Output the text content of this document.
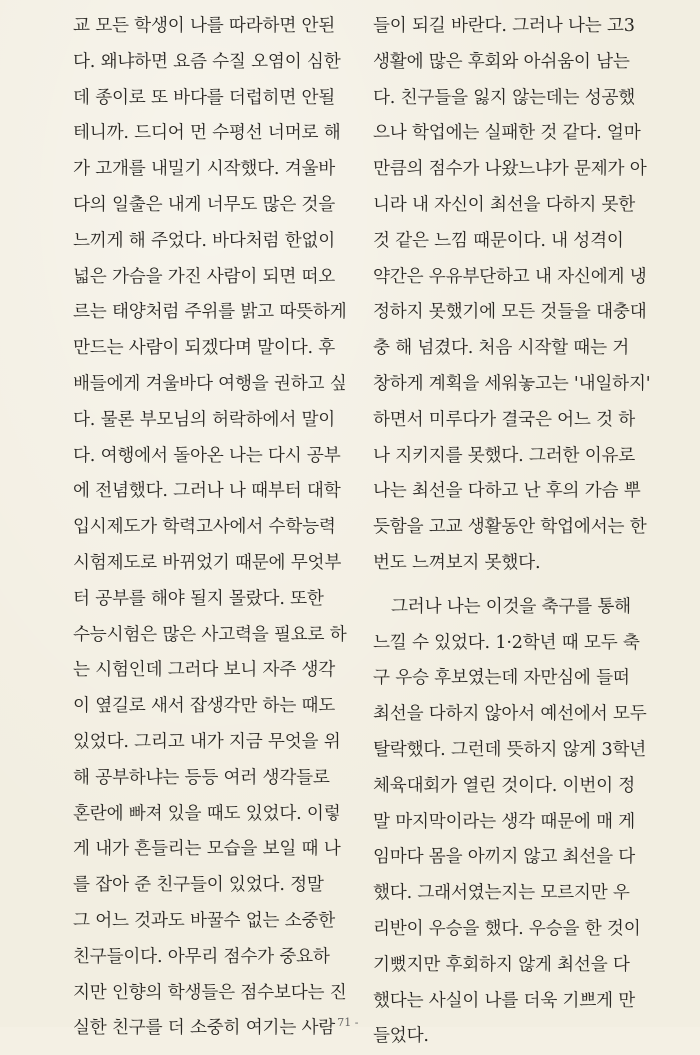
교 모든 학생이 나를 따라하면 안된
다. 왜냐하면 요즘 수질 오염이 심한
데 종이로 또 바다를 더럽히면 안될
테니까. 드디어 먼 수평선 너머로 해
가 고개를 내밀기 시작했다. 겨울바
다의 일출은 내게 너무도 많은 것을
느끼게 해 주었다. 바다처럼 한없이
넓은 가슴을 가진 사람이 되면 떠오
르는 태양처럼 주위를 밝고 따뜻하게
만드는 사람이 되겠다며 말이다. 후
배들에게 겨울바다 여행을 권하고 싶
다. 물론 부모님의 허락하에서 말이
다. 여행에서 돌아온 나는 다시 공부
에 전념했다. 그러나 나 때부터 대학
입시제도가 학력고사에서 수학능력
시험제도로 바뀌었기 때문에 무엇부
터 공부를 해야 될지 몰랐다. 또한
수능시험은 많은 사고력을 필요로 하
는 시험인데 그러다 보니 자주 생각
이 옆길로 새서 잡생각만 하는 때도
있었다. 그리고 내가 지금 무엇을 위
해 공부하냐는 등등 여러 생각들로
혼란에 빠져 있을 때도 있었다. 이렇
게 내가 흔들리는 모습을 보일 때 나
를 잡아 준 친구들이 있었다. 정말
그 어느 것과도 바꿀수 없는 소중한
친구들이다. 아무리 점수가 중요하
지만 인향의 학생들은 점수보다는 진
실한 친구를 더 소중히 여기는 사람
들이 되길 바란다. 그러나 나는 고3
생활에 많은 후회와 아쉬움이 남는
다. 친구들을 잃지 않는데는 성공했
으나 학업에는 실패한 것 같다. 얼마
만큼의 점수가 나왔느냐가 문제가 아
니라 내 자신이 최선을 다하지 못한
것 같은 느낌 때문이다. 내 성격이
약간은 우유부단하고 내 자신에게 냉
정하지 못했기에 모든 것들을 대충대
충 해 넘겼다. 처음 시작할 때는 거
창하게 계획을 세워놓고는 '내일하지'
하면서 미루다가 결국은 어느 것 하
나 지키지를 못했다. 그러한 이유로
나는 최선을 다하고 난 후의 가슴 뿌
듯함을 고교 생활동안 학업에서는 한
번도 느껴보지 못했다.
그러나 나는 이것을 축구를 통해
느낄 수 있었다. 1·2학년 때 모두 축
구 우승 후보였는데 자만심에 들떠
최선을 다하지 않아서 예선에서 모두
탈락했다. 그런데 뜻하지 않게 3학년
체육대회가 열린 것이다. 이번이 정
말 마지막이라는 생각 때문에 매 게
임마다 몸을 아끼지 않고 최선을 다
했다. 그래서였는지는 모르지만 우
리반이 우승을 했다. 우승을 한 것이
기뻤지만 후회하지 않게 최선을 다
했다는 사실이 나를 더욱 기쁘게 만
들었다.
- 71 -
